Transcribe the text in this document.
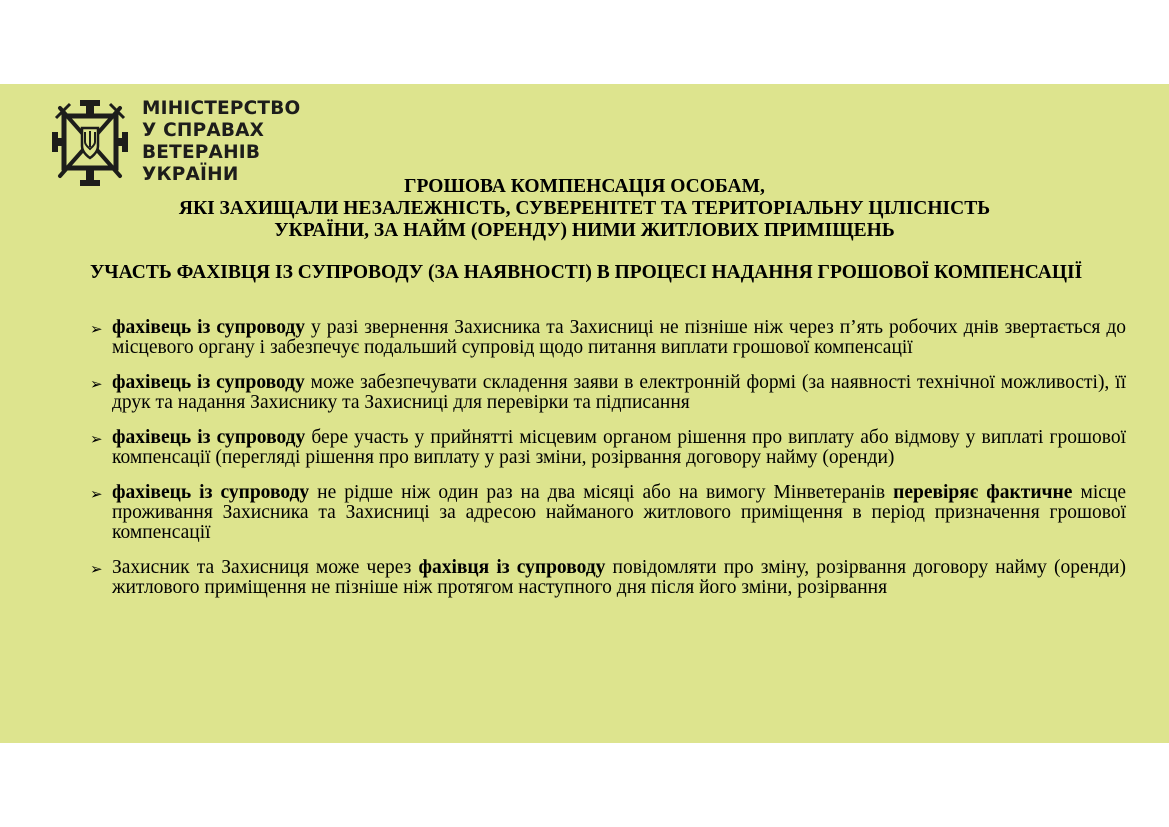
МІНІСТЕРСТВО
У СПРАВАХ
ВЕТЕРАНІВ
УКРАЇНИ
ГРОШОВА КОМПЕНСАЦІЯ ОСОБАМ,
ЯКІ ЗАХИЩАЛИ НЕЗАЛЕЖНІСТЬ, СУВЕРЕНІТЕТ ТА ТЕРИТОРІАЛЬНУ ЦІЛІСНІСТЬ
УКРАЇНИ, ЗА НАЙМ (ОРЕНДУ) НИМИ ЖИТЛОВИХ ПРИМІЩЕНЬ
УЧАСТЬ ФАХІВЦЯ ІЗ СУПРОВОДУ (ЗА НАЯВНОСТІ) В ПРОЦЕСІ НАДАННЯ ГРОШОВОЇ КОМПЕНСАЦІЇ
➢ фахівець із супроводу у разі звернення Захисника та Захисниці не пізніше ніж через п’ять робочих днів звертається до місцевого органу і забезпечує подальший супровід щодо питання виплати грошової компенсації
➢ фахівець із супроводу може забезпечувати складення заяви в електронній формі (за наявності технічної можливості), її друк та надання Захиснику та Захисниці для перевірки та підписання
➢ фахівець із супроводу бере участь у прийнятті місцевим органом рішення про виплату або відмову у виплаті грошової компенсації (перегляді рішення про виплату у разі зміни, розірвання договору найму (оренди)
➢ фахівець із супроводу не рідше ніж один раз на два місяці або на вимогу Мінветеранів перевіряє фактичне місце проживання Захисника та Захисниці за адресою найманого житлового приміщення в період призначення грошової компенсації
➢ Захисник та Захисниця може через фахівця із супроводу повідомляти про зміну, розірвання договору найму (оренди) житлового приміщення не пізніше ніж протягом наступного дня після його зміни, розірвання
